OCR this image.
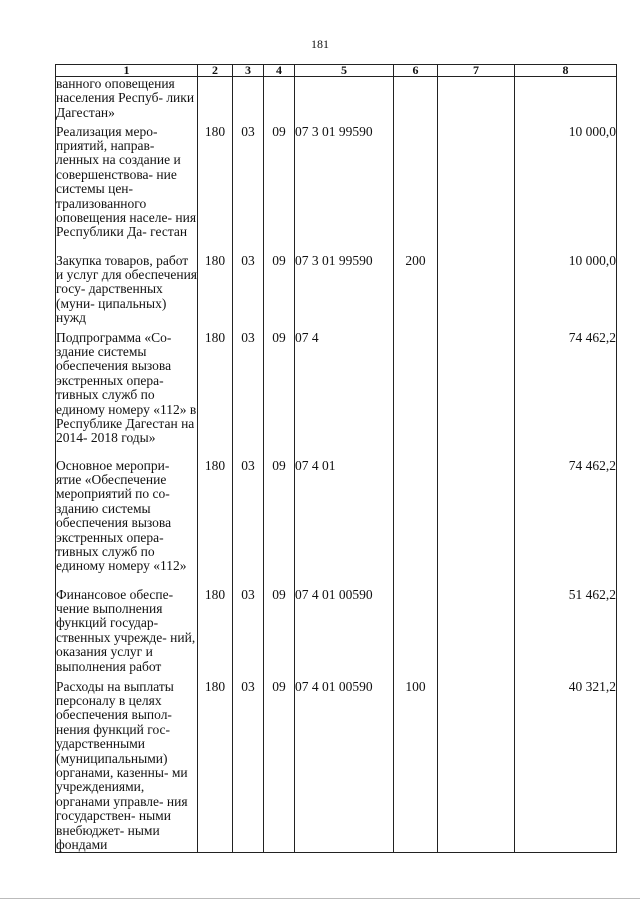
181
1	2	3	4	5	6	7	8
ванного оповещения населения Респуб- лики Дагестан»							
Реализация меро- приятий, направ- ленных на создание и совершенствова- ние системы цен- трализованного оповещения населе- ния Республики Да- гестан	180	03	09	07 3 01 99590			10 000,0
Закупка товаров, работ и услуг для обеспечения госу- дарственных (муни- ципальных) нужд	180	03	09	07 3 01 99590	200		10 000,0
Подпрограмма «Со- здание системы обеспечения вызова экстренных опера- тивных служб по единому номеру «112» в Республике Дагестан на 2014- 2018 годы»	180	03	09	07 4			74 462,2
Основное меропри- ятие «Обеспечение мероприятий по со- зданию системы обеспечения вызова экстренных опера- тивных служб по единому номеру «112»	180	03	09	07 4 01			74 462,2
Финансовое обеспе- чение выполнения функций государ- ственных учрежде- ний, оказания услуг и выполнения работ	180	03	09	07 4 01 00590			51 462,2
Расходы на выплаты персоналу в целях обеспечения выпол- нения функций гос- ударственными (муниципальными) органами, казенны- ми учреждениями, органами управле- ния государствен- ными внебюджет- ными фондами	180	03	09	07 4 01 00590	100		40 321,2
